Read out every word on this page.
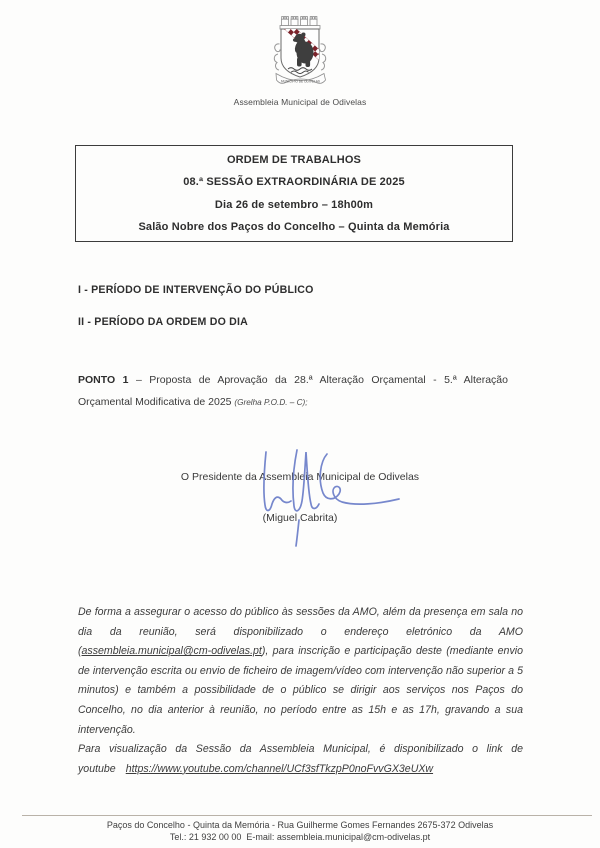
MUNICÍPIO DE ODIVELAS
Assembleia Municipal de Odivelas
ORDEM DE TRABALHOS
08.ª SESSÃO EXTRAORDINÁRIA DE 2025
Dia 26 de setembro – 18h00m
Salão Nobre dos Paços do Concelho – Quinta da Memória
I - PERÍODO DE INTERVENÇÃO DO PÚBLICO
II - PERÍODO DA ORDEM DO DIA

PONTO 1 – Proposta de Aprovação da 28.ª Alteração Orçamental - 5.ª Alteração Orçamental Modificativa de 2025 (Grelha P.O.D. – C);

O Presidente da Assembleia Municipal de Odivelas
(Miguel Cabrita)

De forma a assegurar o acesso do público às sessões da AMO, além da presença em sala no dia da reunião, será disponibilizado o endereço eletrónico da AMO (assembleia.municipal@cm-odivelas.pt), para inscrição e participação deste (mediante envio de intervenção escrita ou envio de ficheiro de imagem/vídeo com intervenção não superior a 5 minutos) e também a possibilidade de o público se dirigir aos serviços nos Paços do Concelho, no dia anterior à reunião, no período entre as 15h e as 17h, gravando a sua intervenção.

Para visualização da Sessão da Assembleia Municipal, é disponibilizado o link de
youtube https://www.youtube.com/channel/UCf3sfTkzpP0noFvvGX3eUXw

Paços do Concelho - Quinta da Memória - Rua Guilherme Gomes Fernandes 2675-372 Odivelas
Tel.: 21 932 00 00  E-mail: assembleia.municipal@cm-odivelas.pt
